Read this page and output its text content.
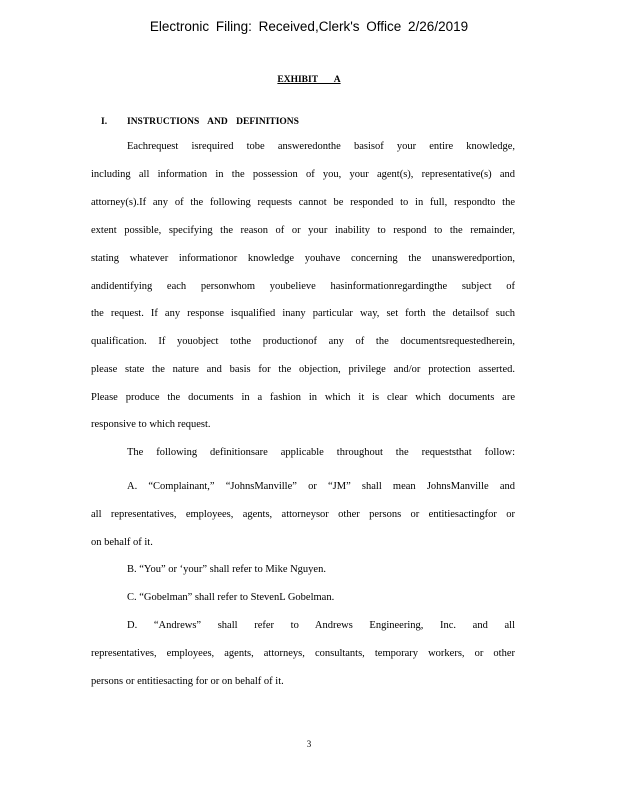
Electronic Filing: Received,Clerk's Office 2/26/2019
EXHIBIT A
I. INSTRUCTIONS AND DEFINITIONS
Eachrequest isrequired tobe answeredonthe basisof your entire knowledge,
including all information in the possession of you, your agent(s), representative(s) and
attorney(s).If any of the following requests cannot be responded to in full, respondto the
extent possible, specifying the reason of or your inability to respond to the remainder,
stating whatever informationor knowledge youhave concerning the unansweredportion,
andidentifying each personwhom youbelieve hasinformationregardingthe subject of
the request. If any response isqualified inany particular way, set forth the detailsof such
qualification. If youobject tothe productionof any of the documentsrequestedherein,
please state the nature and basis for the objection, privilege and/or protection asserted.
Please produce the documents in a fashion in which it is clear which documents are
responsive to which request.
The following definitionsare applicable throughout the requeststhat follow:
A. “Complainant,” “JohnsManville” or “JM” shall mean JohnsManville and
all representatives, employees, agents, attorneysor other persons or entitiesactingfor or
on behalf of it.
B. “You” or ‘your” shall refer to Mike Nguyen.
C. “Gobelman” shall refer to StevenL Gobelman.
D. “Andrews” shall refer to Andrews Engineering, Inc. and all
representatives, employees, agents, attorneys, consultants, temporary workers, or other
persons or entitiesacting for or on behalf of it.
3
